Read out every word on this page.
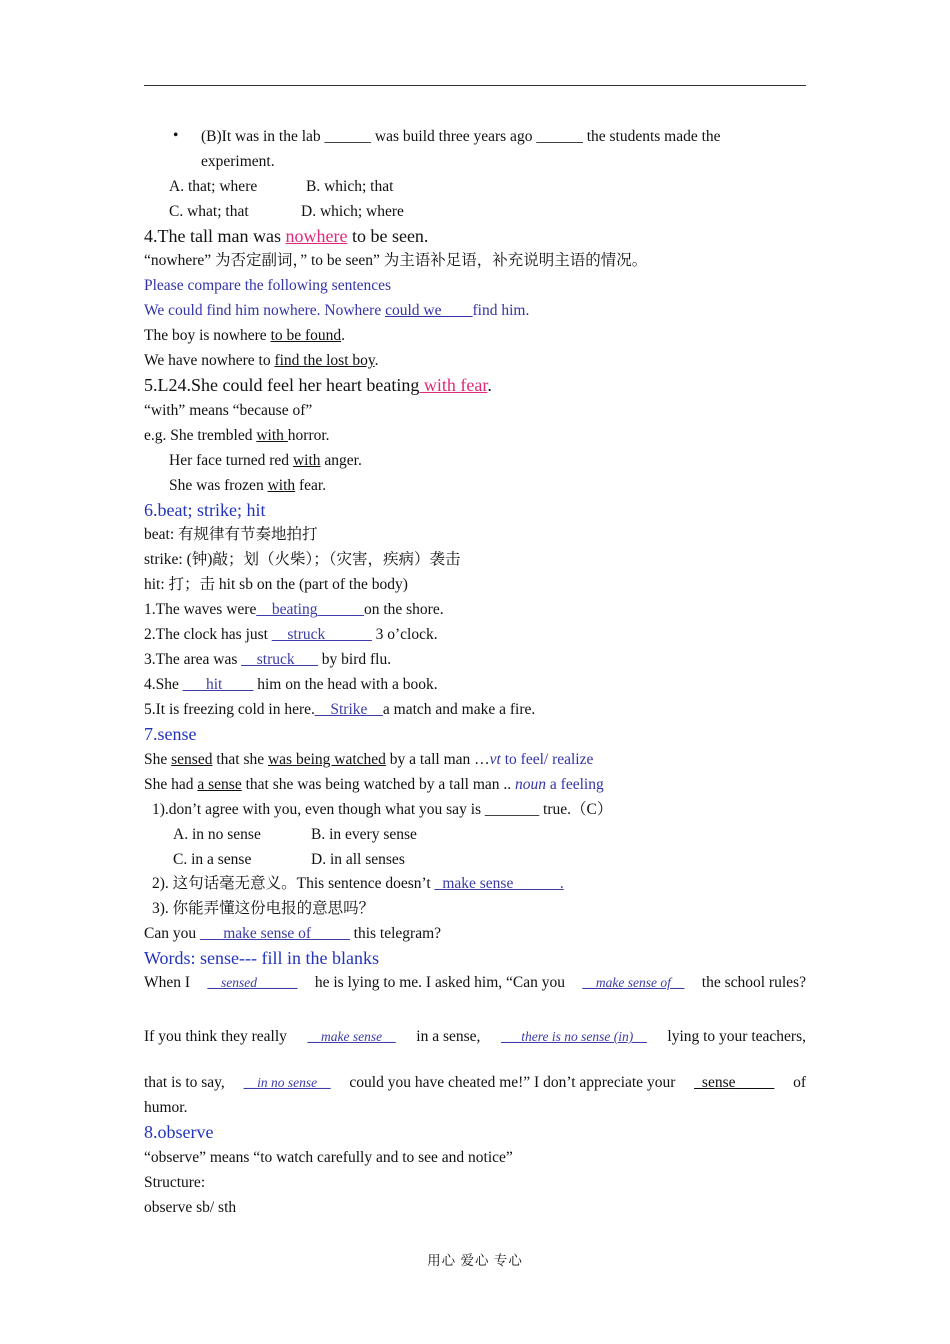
• (B)It was in the lab ______ was build three years ago ______ the students made the
experiment.
A. that; where	B. which; that
C. what; that	D. which; where
4.The tall man was nowhere to be seen.
“nowhere” 为否定副词，” to be seen” 为主语补足语，补充说明主语的情况。
Please compare the following sentences
We could find him nowhere. Nowhere could we____find him.
The boy is nowhere to be found.
We have nowhere to find the lost boy.
5.L24.She could feel her heart beating with fear.
“with” means “because of”
e.g. She trembled with horror.
Her face turned red with anger.
She was frozen with fear.
6.beat; strike; hit
beat: 有规律有节奏地拍打
strike: (钟)敲；划（火柴）；（灾害，疾病）袭击
hit: 打；击 hit sb on the (part of the body)
1.The waves were__beating______on the shore.
2.The clock has just __struck______ 3 o’clock.
3.The area was __struck___ by bird flu.
4.She ___hit____ him on the head with a book.
5.It is freezing cold in here.__Strike__a match and make a fire.
7.sense
She sensed that she was being watched by a tall man …vt to feel/ realize
She had a sense that she was being watched by a tall man .. noun a feeling
1).don’t agree with you, even though what you say is _______ true.（C）
A. in no sense	B. in every sense
C. in a sense	D. in all senses
2). 这句话毫无意义。This sentence doesn’t _make sense______.
3). 你能弄懂这份电报的意思吗？
Can you ___make sense of_____ this telegram?
Words: sense--- fill in the blanks
When I __sensed______ he is lying to me. I asked him, “Can you __make sense of__ the school rules?
If you think they really __make sense__ in a sense, ___there is no sense (in)__ lying to your teachers,
that is to say, __in no sense__ could you have cheated me!” I don’t appreciate your _sense_____ of
humor.
8.observe
“observe” means “to watch carefully and to see and notice”
Structure:
observe sb/ sth
用心 爱心 专心
